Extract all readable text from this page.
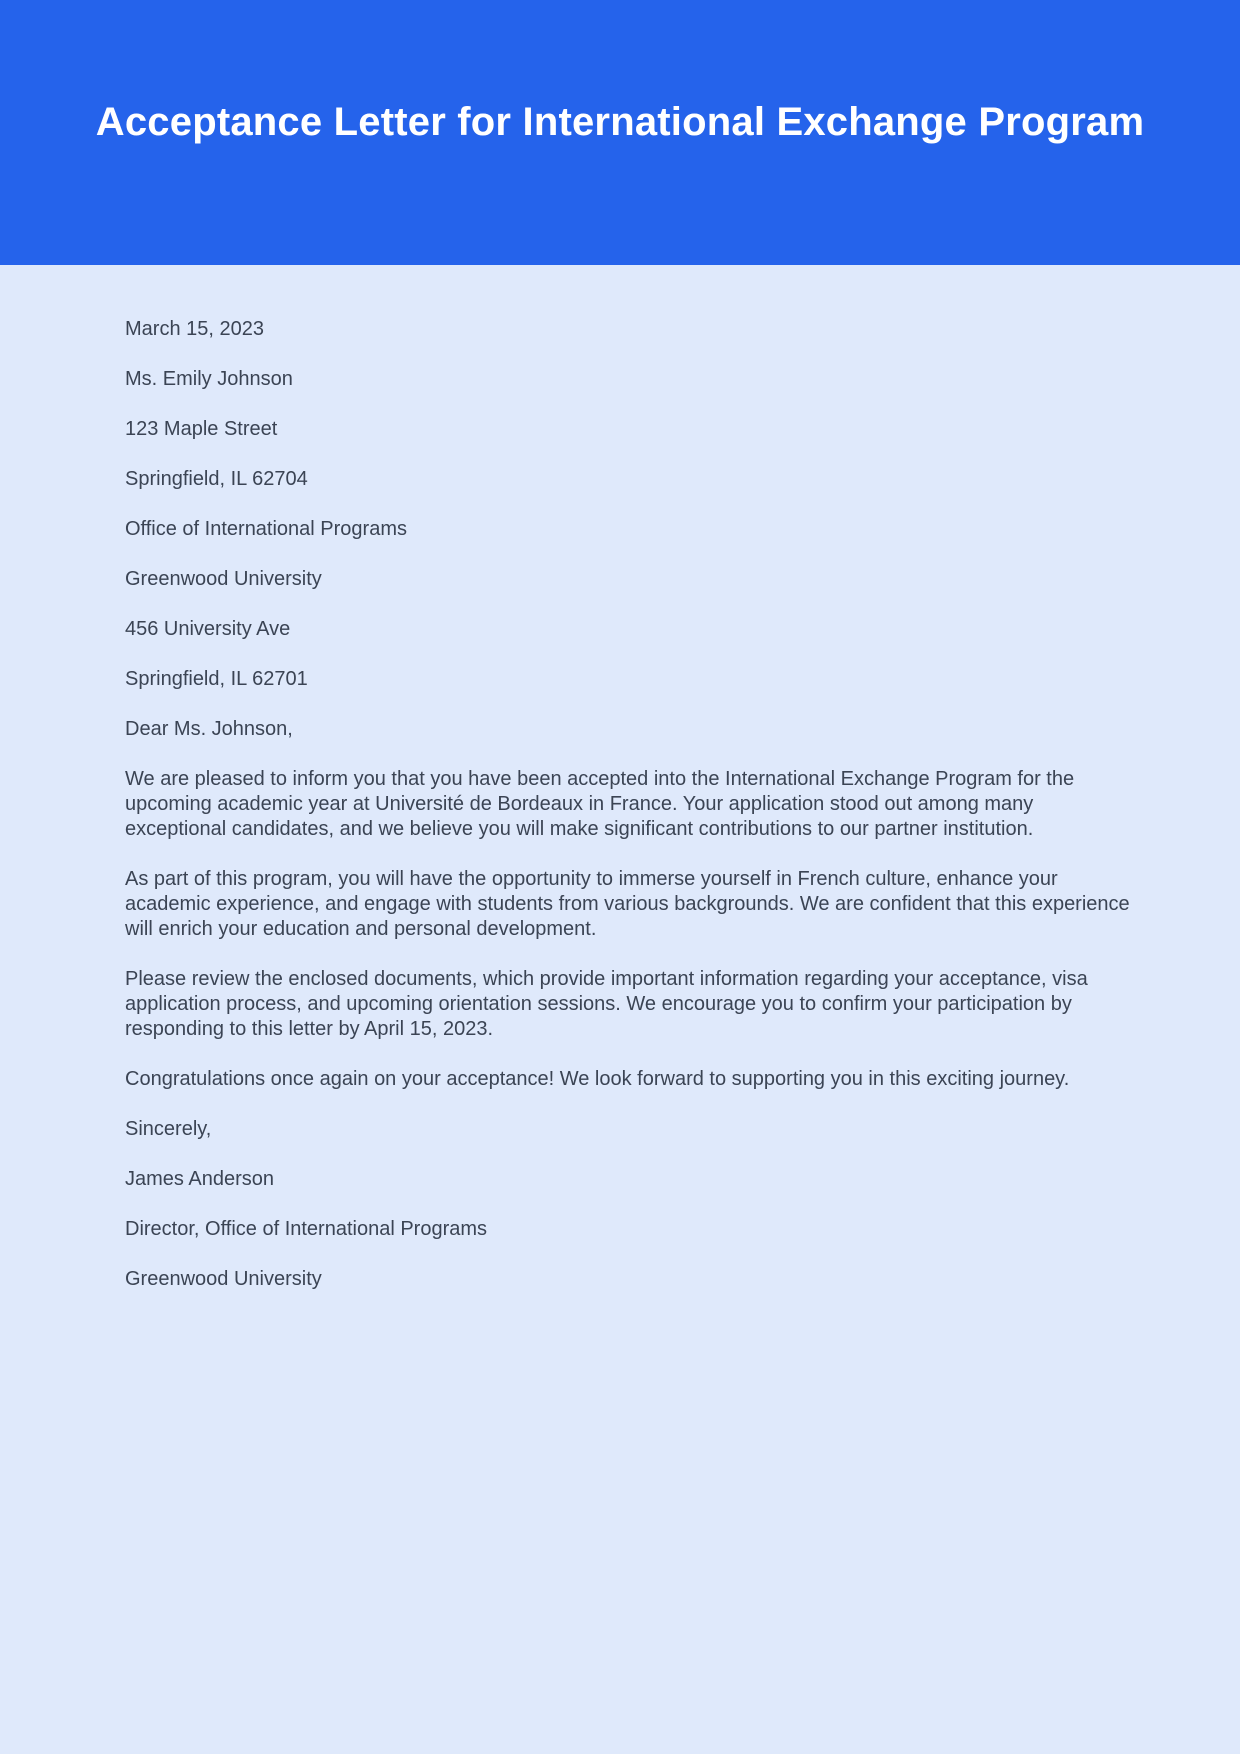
Acceptance Letter for International Exchange Program

March 15, 2023

Ms. Emily Johnson

123 Maple Street

Springfield, IL 62704

Office of International Programs

Greenwood University

456 University Ave

Springfield, IL 62701

Dear Ms. Johnson,

We are pleased to inform you that you have been accepted into the International Exchange Program for the upcoming academic year at Université de Bordeaux in France. Your application stood out among many exceptional candidates, and we believe you will make significant contributions to our partner institution.

As part of this program, you will have the opportunity to immerse yourself in French culture, enhance your academic experience, and engage with students from various backgrounds. We are confident that this experience will enrich your education and personal development.

Please review the enclosed documents, which provide important information regarding your acceptance, visa application process, and upcoming orientation sessions. We encourage you to confirm your participation by responding to this letter by April 15, 2023.

Congratulations once again on your acceptance! We look forward to supporting you in this exciting journey.

Sincerely,

James Anderson

Director, Office of International Programs

Greenwood University
